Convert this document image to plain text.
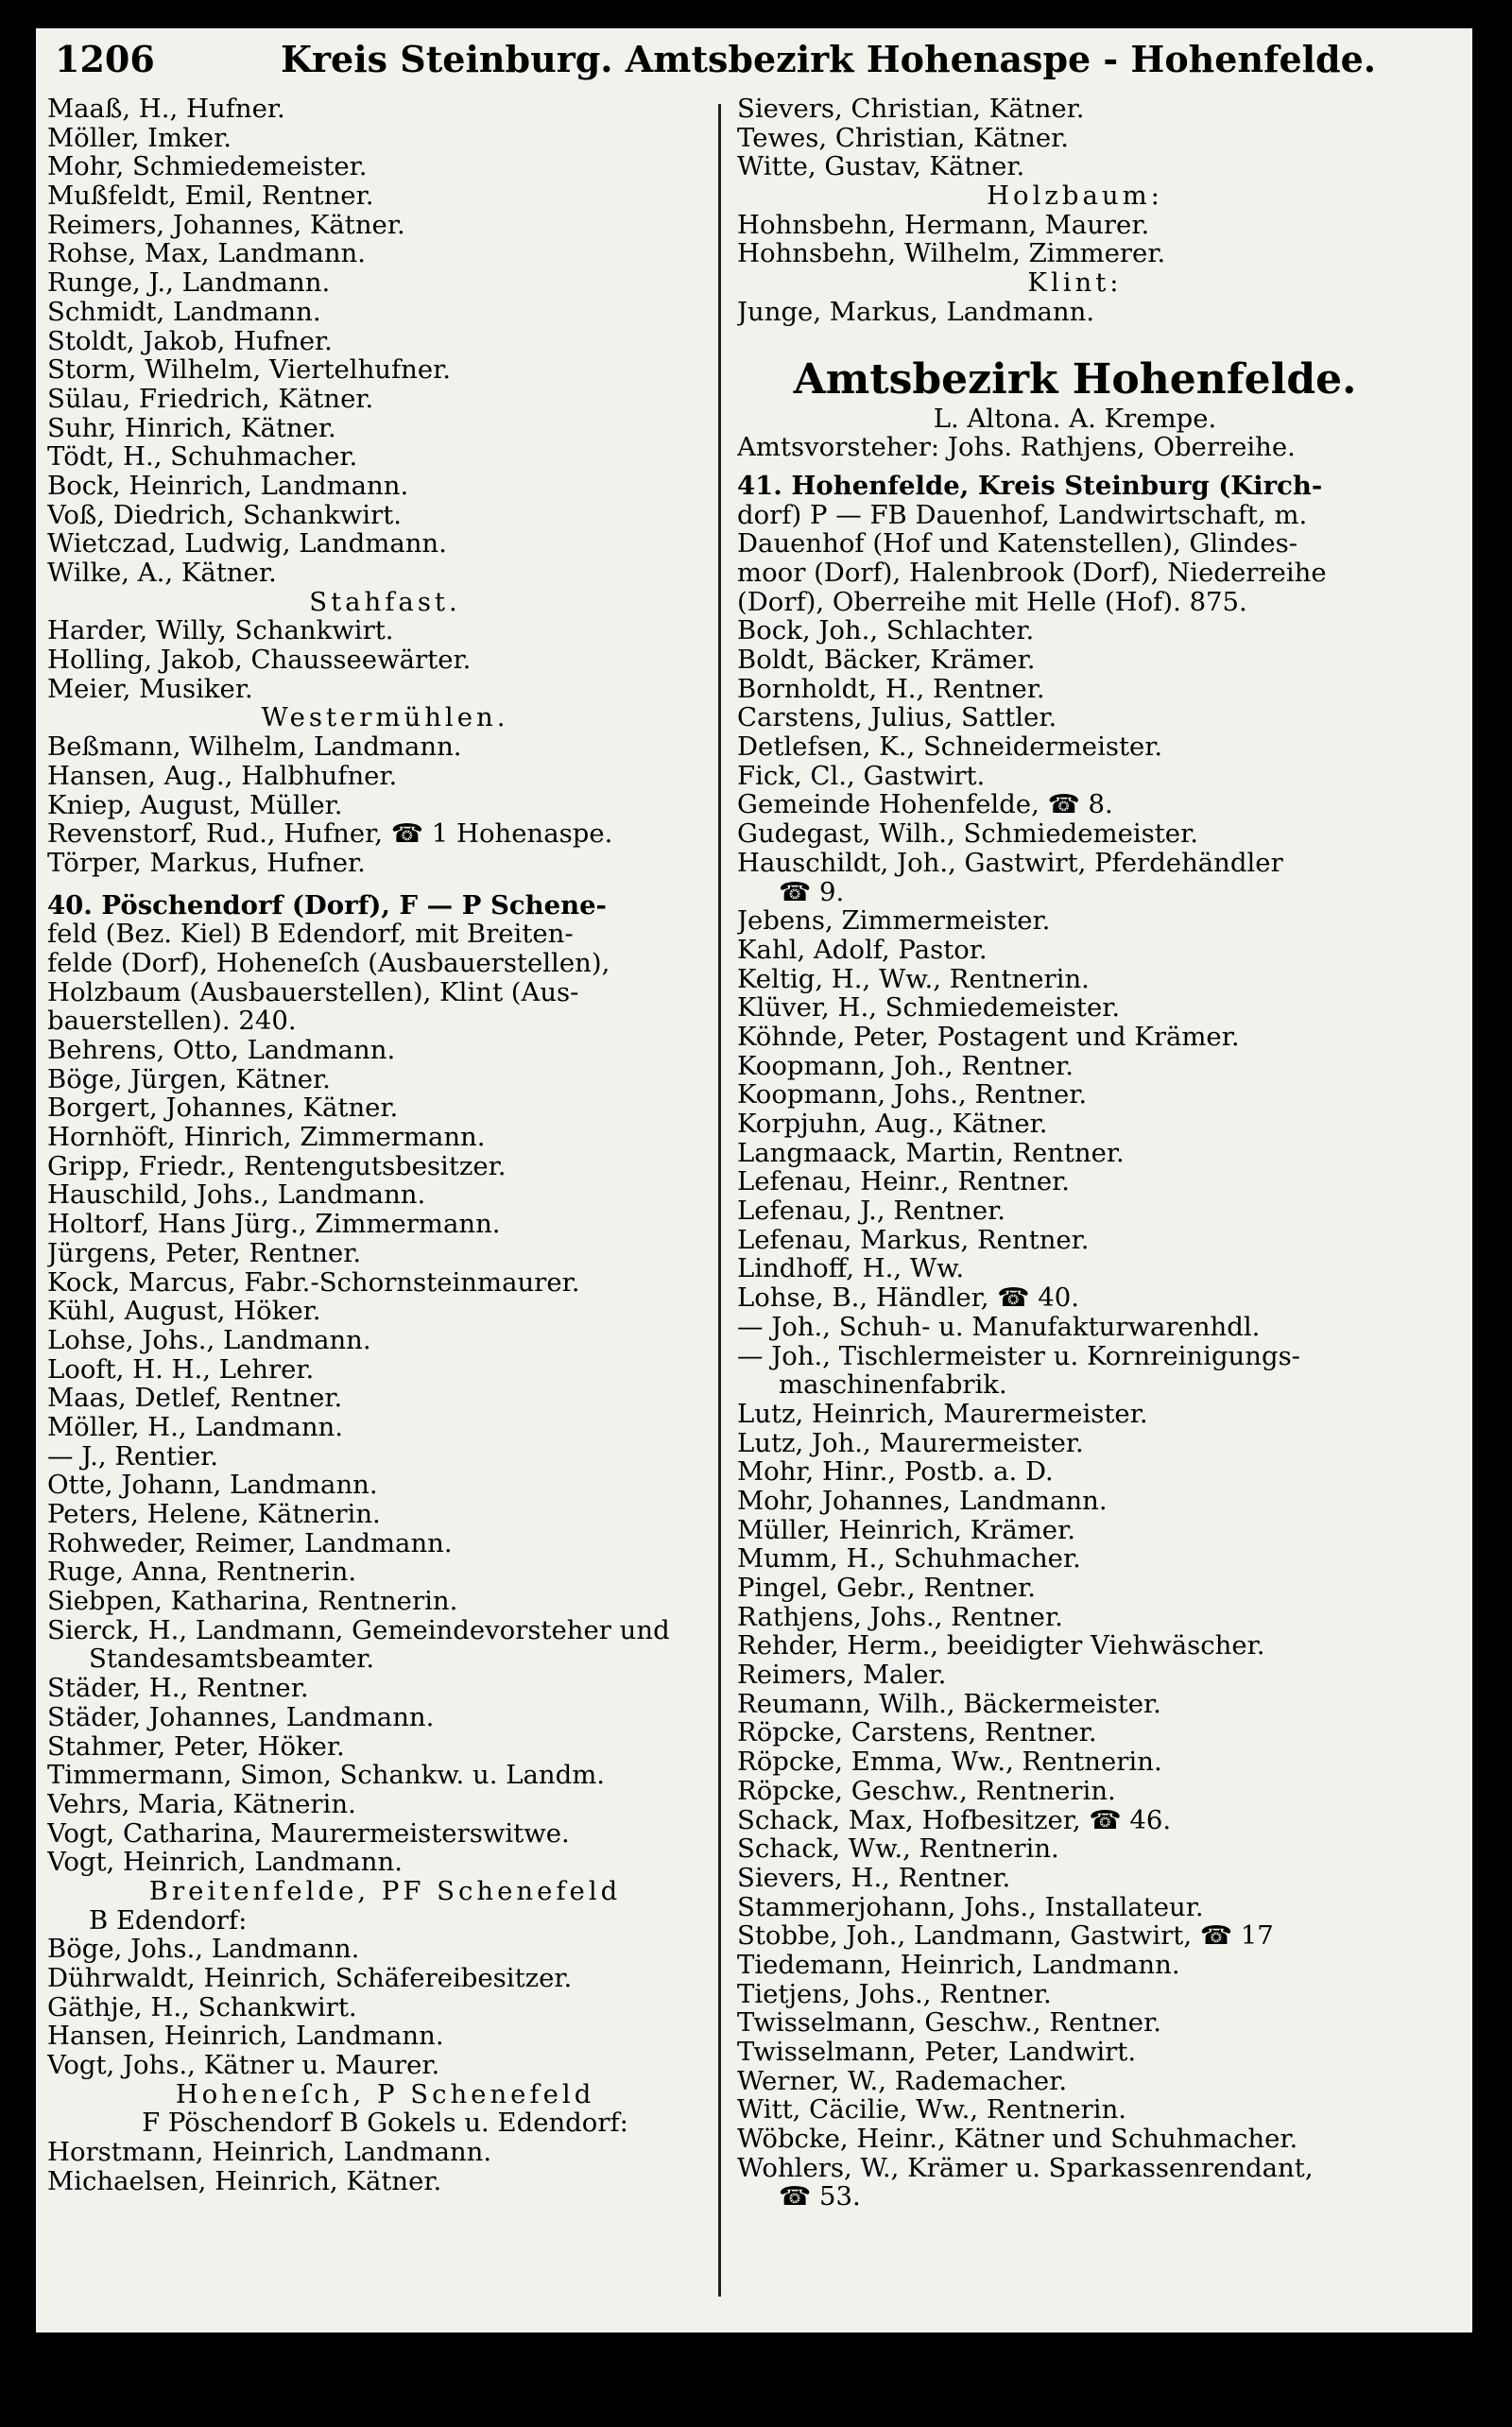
1206	Kreis Steinburg. Amtsbezirk Hohenaspe - Hohenfelde.
Maaß, H., Hufner.
Möller, Imker.
Mohr, Schmiedemeister.
Mußfeldt, Emil, Rentner.
Reimers, Johannes, Kätner.
Rohse, Max, Landmann.
Runge, J., Landmann.
Schmidt, Landmann.
Stoldt, Jakob, Hufner.
Storm, Wilhelm, Viertelhufner.
Sülau, Friedrich, Kätner.
Suhr, Hinrich, Kätner.
Tödt, H., Schuhmacher.
Bock, Heinrich, Landmann.
Voß, Diedrich, Schankwirt.
Wietczad, Ludwig, Landmann.
Wilke, A., Kätner.
Stahfast.
Harder, Willy, Schankwirt.
Holling, Jakob, Chausseewärter.
Meier, Musiker.
Westermühlen.
Beßmann, Wilhelm, Landmann.
Hansen, Aug., Halbhufner.
Kniep, August, Müller.
Revenstorf, Rud., Hufner, ☎ 1 Hohenaspe.
Törper, Markus, Hufner.
40. Pöschendorf (Dorf), F — P Schene-
feld (Bez. Kiel) B Edendorf, mit Breiten-
felde (Dorf), Hoheneſch (Ausbauerstellen),
Holzbaum (Ausbauerstellen), Klint (Aus-
bauerstellen). 240.
Behrens, Otto, Landmann.
Böge, Jürgen, Kätner.
Borgert, Johannes, Kätner.
Hornhöft, Hinrich, Zimmermann.
Gripp, Friedr., Rentengutsbesitzer.
Hauschild, Johs., Landmann.
Holtorf, Hans Jürg., Zimmermann.
Jürgens, Peter, Rentner.
Kock, Marcus, Fabr.-Schornsteinmaurer.
Kühl, August, Höker.
Lohse, Johs., Landmann.
Looft, H. H., Lehrer.
Maas, Detlef, Rentner.
Möller, H., Landmann.
— J., Rentier.
Otte, Johann, Landmann.
Peters, Helene, Kätnerin.
Rohweder, Reimer, Landmann.
Ruge, Anna, Rentnerin.
Siebpen, Katharina, Rentnerin.
Sierck, H., Landmann, Gemeindevorsteher und
Standesamtsbeamter.
Städer, H., Rentner.
Städer, Johannes, Landmann.
Stahmer, Peter, Höker.
Timmermann, Simon, Schankw. u. Landm.
Vehrs, Maria, Kätnerin.
Vogt, Catharina, Maurermeisterswitwe.
Vogt, Heinrich, Landmann.
Breitenfelde, PF Schenefeld
B Edendorf:
Böge, Johs., Landmann.
Dührwaldt, Heinrich, Schäfereibesitzer.
Gäthje, H., Schankwirt.
Hansen, Heinrich, Landmann.
Vogt, Johs., Kätner u. Maurer.
Hoheneſch, P Schenefeld
F Pöschendorf B Gokels u. Edendorf:
Horstmann, Heinrich, Landmann.
Michaelsen, Heinrich, Kätner.
Sievers, Christian, Kätner.
Tewes, Christian, Kätner.
Witte, Gustav, Kätner.
Holzbaum:
Hohnsbehn, Hermann, Maurer.
Hohnsbehn, Wilhelm, Zimmerer.
Klint:
Junge, Markus, Landmann.
Amtsbezirk Hohenfelde.
L. Altona. A. Krempe.
Amtsvorsteher: Johs. Rathjens, Oberreihe.
41. Hohenfelde, Kreis Steinburg (Kirch-
dorf) P — FB Dauenhof, Landwirtschaft, m.
Dauenhof (Hof und Katenstellen), Glindes-
moor (Dorf), Halenbrook (Dorf), Niederreihe
(Dorf), Oberreihe mit Helle (Hof). 875.
Bock, Joh., Schlachter.
Boldt, Bäcker, Krämer.
Bornholdt, H., Rentner.
Carstens, Julius, Sattler.
Detlefsen, K., Schneidermeister.
Fick, Cl., Gastwirt.
Gemeinde Hohenfelde, ☎ 8.
Gudegast, Wilh., Schmiedemeister.
Hauschildt, Joh., Gastwirt, Pferdehändler
☎ 9.
Jebens, Zimmermeister.
Kahl, Adolf, Pastor.
Keltig, H., Ww., Rentnerin.
Klüver, H., Schmiedemeister.
Köhnde, Peter, Postagent und Krämer.
Koopmann, Joh., Rentner.
Koopmann, Johs., Rentner.
Korpjuhn, Aug., Kätner.
Langmaack, Martin, Rentner.
Lefenau, Heinr., Rentner.
Lefenau, J., Rentner.
Lefenau, Markus, Rentner.
Lindhoff, H., Ww.
Lohse, B., Händler, ☎ 40.
— Joh., Schuh- u. Manufakturwarenhdl.
— Joh., Tischlermeister u. Kornreinigungs-
maschinenfabrik.
Lutz, Heinrich, Maurermeister.
Lutz, Joh., Maurermeister.
Mohr, Hinr., Postb. a. D.
Mohr, Johannes, Landmann.
Müller, Heinrich, Krämer.
Mumm, H., Schuhmacher.
Pingel, Gebr., Rentner.
Rathjens, Johs., Rentner.
Rehder, Herm., beeidigter Viehwäscher.
Reimers, Maler.
Reumann, Wilh., Bäckermeister.
Röpcke, Carstens, Rentner.
Röpcke, Emma, Ww., Rentnerin.
Röpcke, Geschw., Rentnerin.
Schack, Max, Hofbesitzer, ☎ 46.
Schack, Ww., Rentnerin.
Sievers, H., Rentner.
Stammerjohann, Johs., Installateur.
Stobbe, Joh., Landmann, Gastwirt, ☎ 17
Tiedemann, Heinrich, Landmann.
Tietjens, Johs., Rentner.
Twisselmann, Geschw., Rentner.
Twisselmann, Peter, Landwirt.
Werner, W., Rademacher.
Witt, Cäcilie, Ww., Rentnerin.
Wöbcke, Heinr., Kätner und Schuhmacher.
Wohlers, W., Krämer u. Sparkassenrendant,
☎ 53.
